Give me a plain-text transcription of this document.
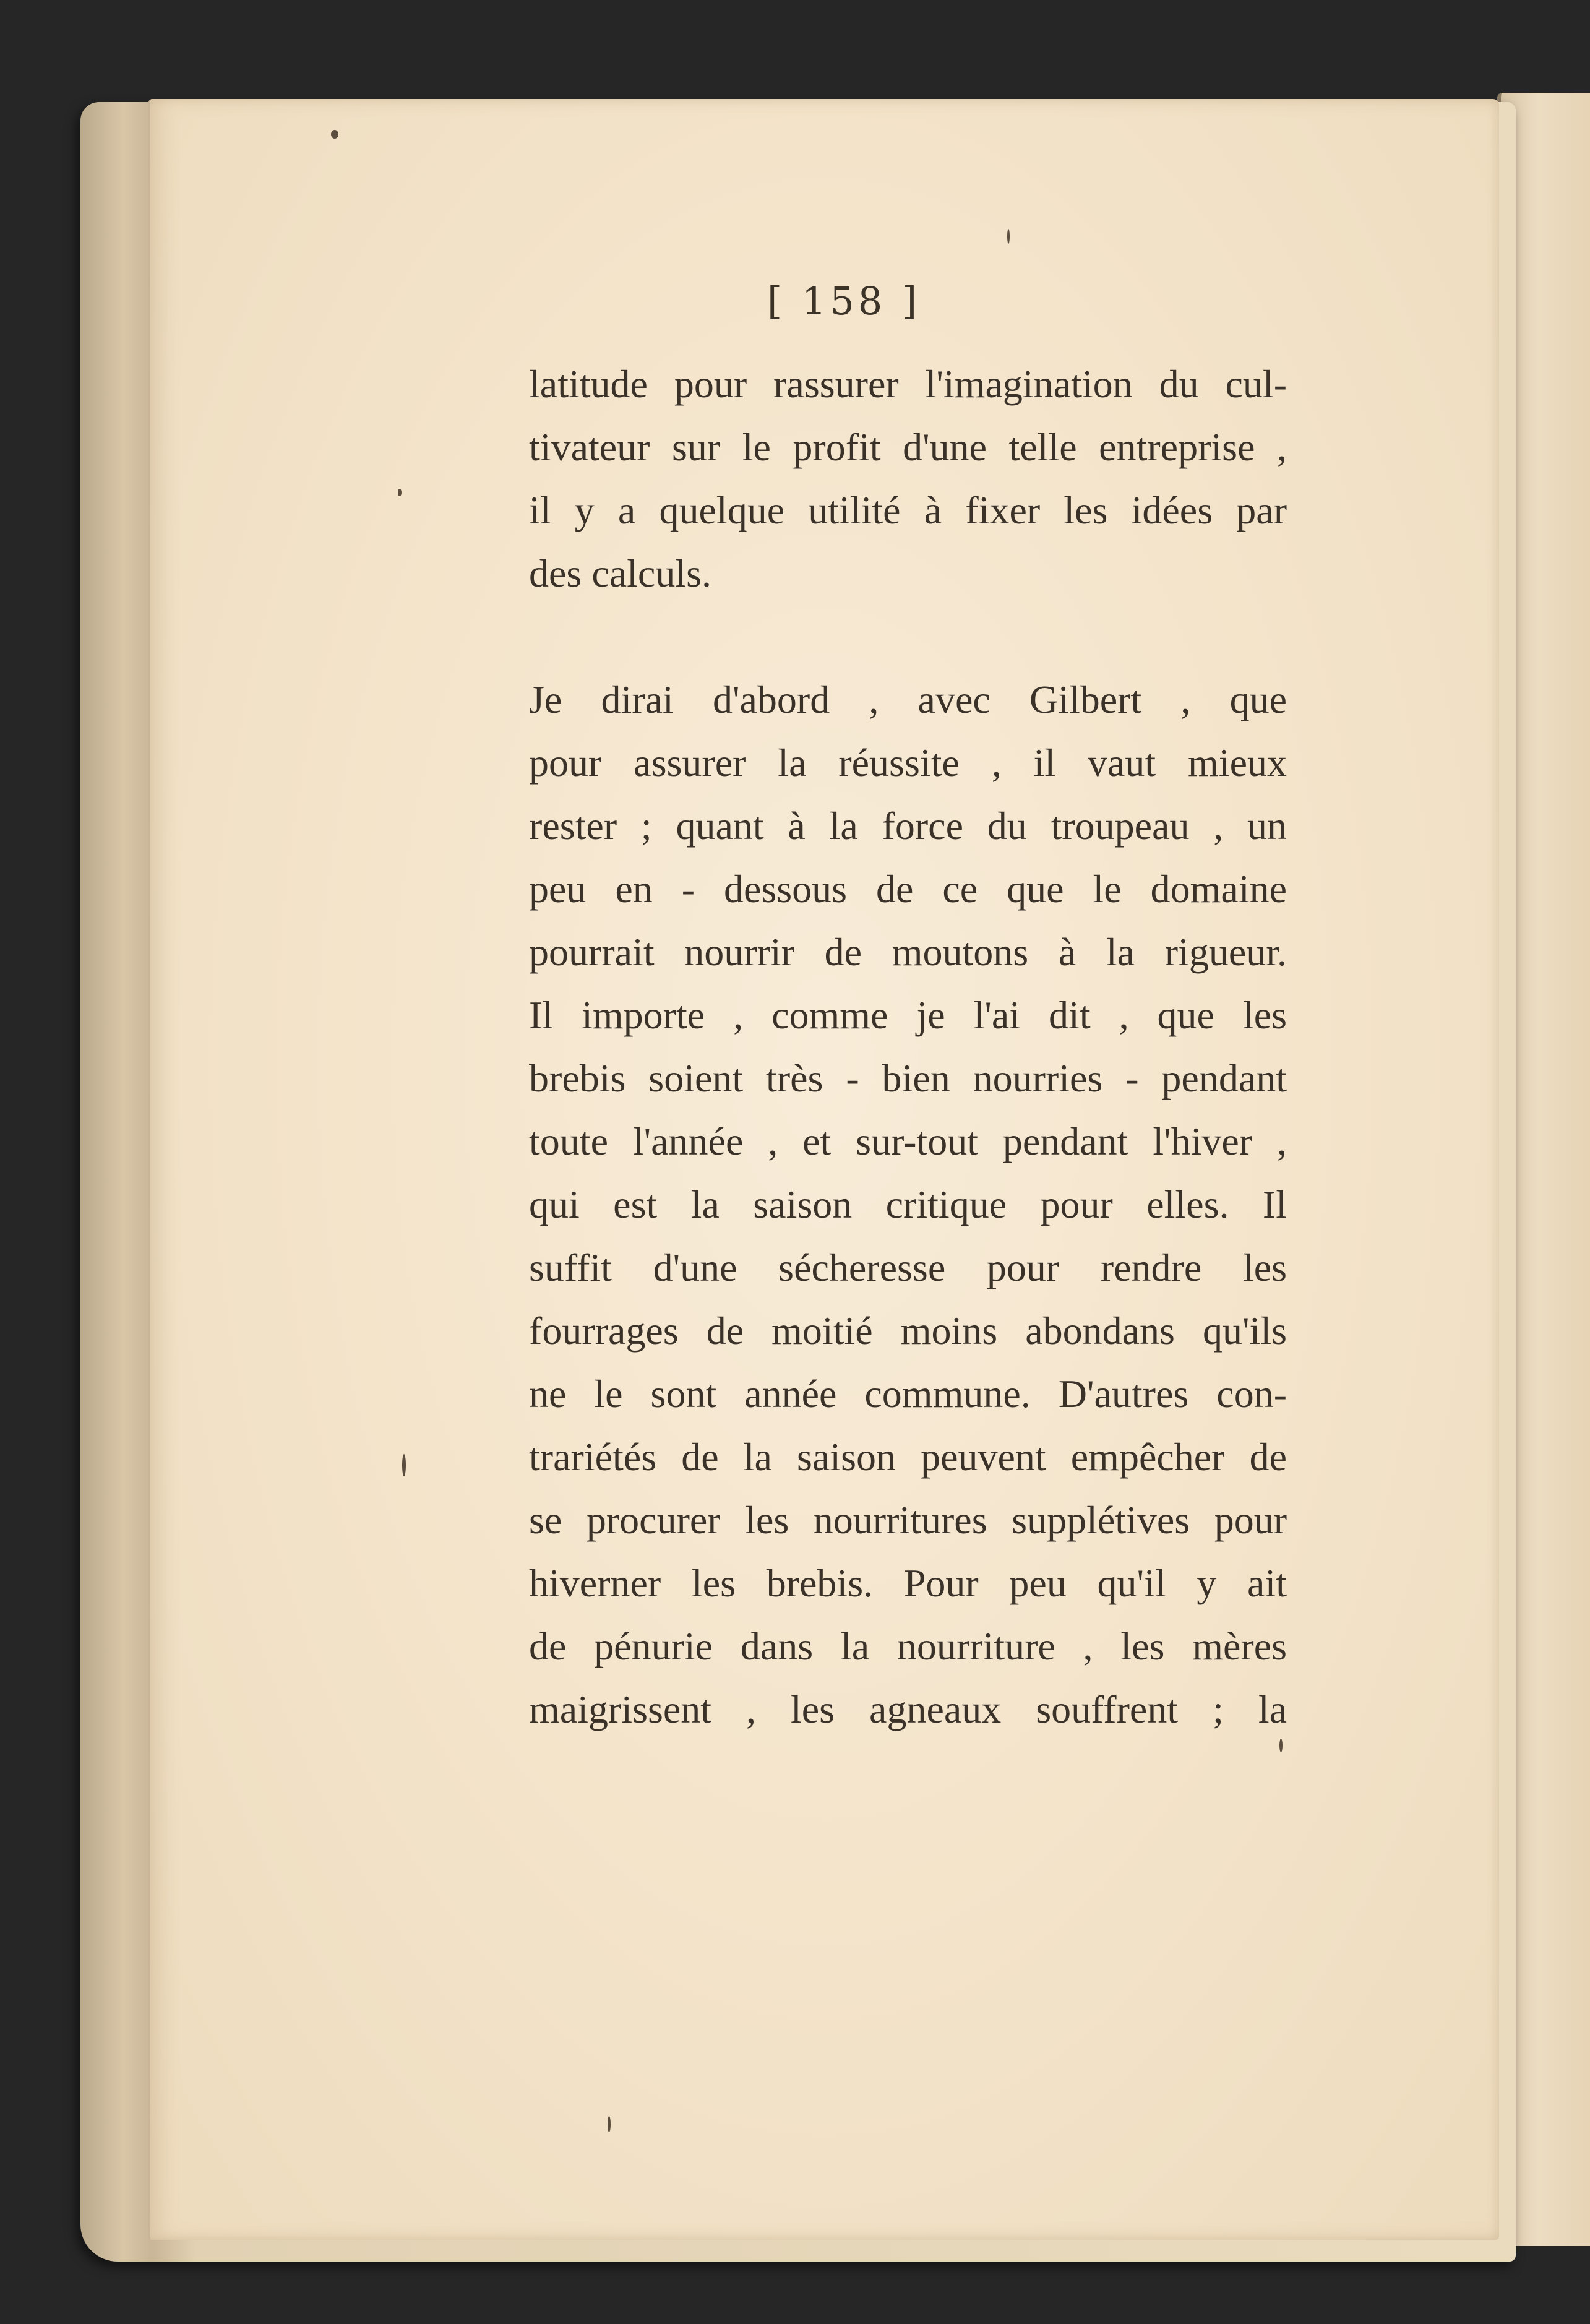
[ 158 ]
latitude pour rassurer l'imagination du cul-
tivateur sur le profit d'une telle entreprise ,
il y a quelque utilité à fixer les idées par
des calculs.
Je dirai d'abord , avec Gilbert , que
pour assurer la réussite , il vaut mieux
rester ; quant à la force du troupeau , un
peu en - dessous de ce que le domaine
pourrait nourrir de moutons à la rigueur.
Il importe , comme je l'ai dit , que les
brebis soient très - bien nourries - pendant
toute l'année , et sur-tout pendant l'hiver ,
qui est la saison critique pour elles. Il
suffit d'une sécheresse pour rendre les
fourrages de moitié moins abondans qu'ils
ne le sont année commune. D'autres con-
trariétés de la saison peuvent empêcher de
se procurer les nourritures supplétives pour
hiverner les brebis. Pour peu qu'il y ait
de pénurie dans la nourriture , les mères
maigrissent , les agneaux souffrent ; la
